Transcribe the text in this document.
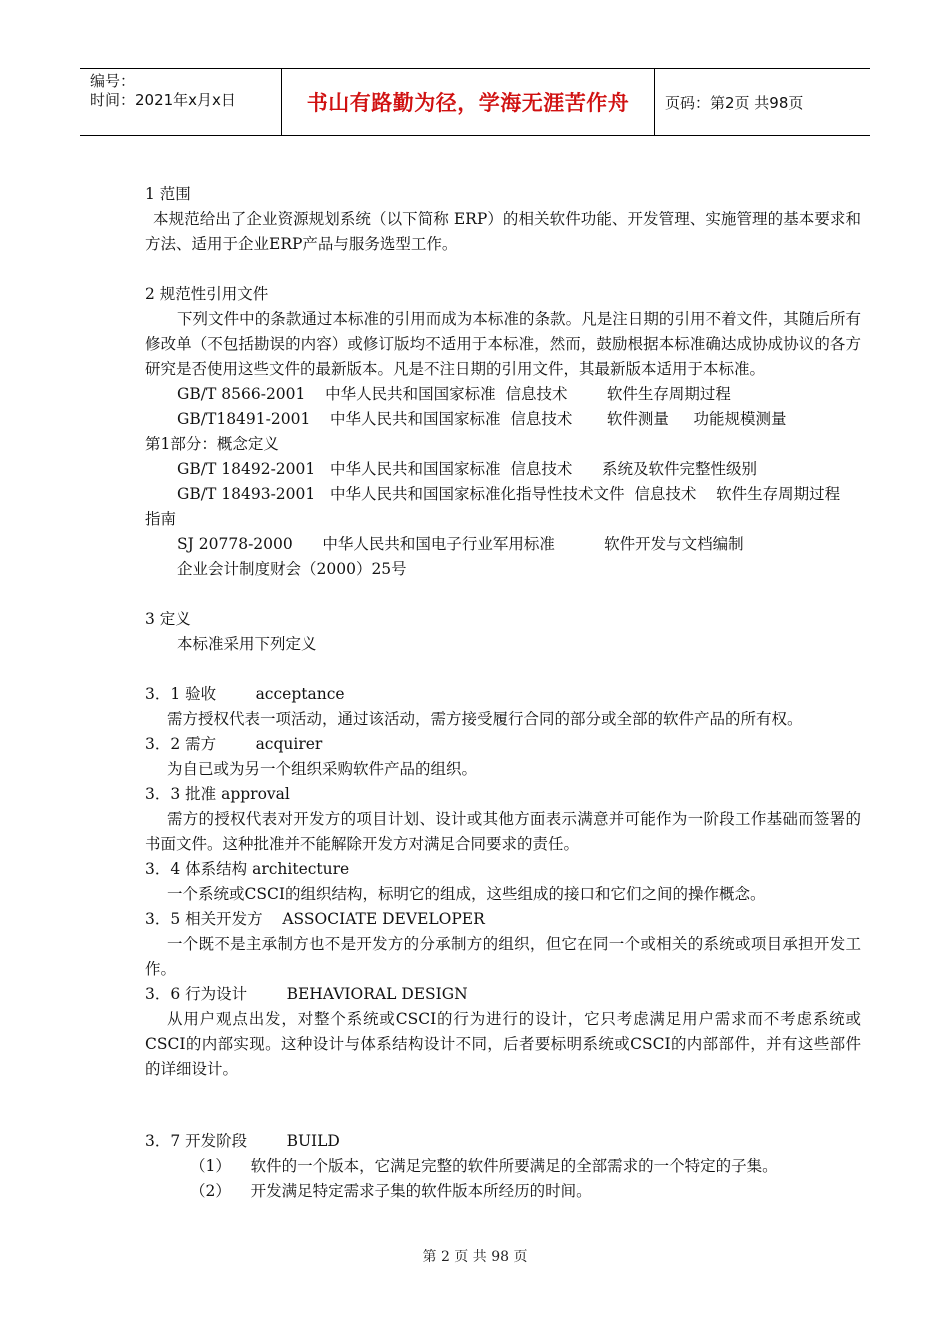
编号：
时间：2021年x月x日	书山有路勤为径，学海无涯苦作舟 页码：第2页 共98页

1 范围

本规范给出了企业资源规划系统（以下简称 ERP）的相关软件功能、开发管理、实施管理的基本要求和方法、适用于企业ERP产品与服务选型工作。

2 规范性引用文件

下列文件中的条款通过本标准的引用而成为本标准的条款。凡是注日期的引用不着文件，其随后所有修改单（不包括勘误的内容）或修订版均不适用于本标准，然而，鼓励根据本标准确达成协成协议的各方研究是否使用这些文件的最新版本。凡是不注日期的引用文件，其最新版本适用于本标准。

GB/T 8566-2001    中华人民共和国国家标准  信息技术        软件生存周期过程

GB/T18491-2001    中华人民共和国国家标准  信息技术       软件测量     功能规模测量

第1部分：概念定义

GB/T 18492-2001   中华人民共和国国家标准  信息技术      系统及软件完整性级别

GB/T 18493-2001   中华人民共和国国家标准化指导性技术文件  信息技术    软件生存周期过程

指南

SJ 20778-2000      中华人民共和国电子行业军用标准          软件开发与文档编制

企业会计制度财会（2000）25号

3 定义

本标准采用下列定义

3．1 验收        acceptance

需方授权代表一项活动，通过该活动，需方接受履行合同的部分或全部的软件产品的所有权。

3．2 需方        acquirer

为自已或为另一个组织采购软件产品的组织。

3．3 批准 approval

需方的授权代表对开发方的项目计划、设计或其他方面表示满意并可能作为一阶段工作基础而签署的书面文件。这种批准并不能解除开发方对满足合同要求的责任。

3．4 体系结构 architecture

一个系统或CSCI的组织结构，标明它的组成，这些组成的接口和它们之间的操作概念。

3．5 相关开发方    ASSOCIATE DEVELOPER

一个既不是主承制方也不是开发方的分承制方的组织，但它在同一个或相关的系统或项目承担开发工作。

3．6 行为设计        BEHAVIORAL DESIGN

从用户观点出发，对整个系统或CSCI的行为进行的设计，它只考虑满足用户需求而不考虑系统或CSCI的内部实现。这种设计与体系结构设计不同，后者要标明系统或CSCI的内部部件，并有这些部件的详细设计。

3．7 开发阶段        BUILD

（1）    软件的一个版本，它满足完整的软件所要满足的全部需求的一个特定的子集。

（2）    开发满足特定需求子集的软件版本所经历的时间。

第 2 页 共 98 页
